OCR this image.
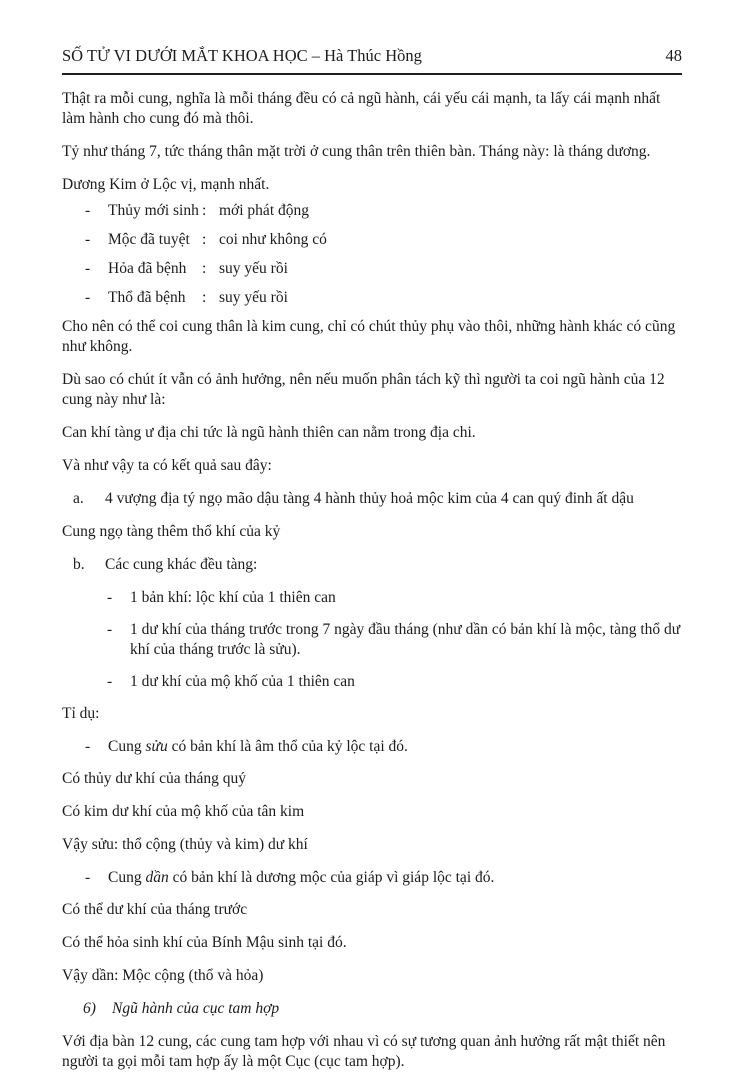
SỐ TỬ VI DƯỚI MẮT KHOA HỌC – Hà Thúc Hồng	48

Thật ra mỗi cung, nghĩa là mỗi tháng đều có cả ngũ hành, cái yếu cái mạnh, ta lấy cái mạnh nhất làm hành cho cung đó mà thôi.

Tỷ như tháng 7, tức tháng thân mặt trời ở cung thân trên thiên bàn. Tháng này: là tháng dương.

Dương Kim ở Lộc vị, mạnh nhất.

-	Thủy mới sinh : mới phát động
-	Mộc đã tuyệt : coi như không có
-	Hỏa đã bệnh	: suy yếu rồi
-	Thổ đã bệnh	: suy yếu rồi

Cho nên có thể coi cung thân là kim cung, chỉ có chút thủy phụ vào thôi, những hành khác có cũng như không.

Dù sao có chút ít vẫn có ảnh hưởng, nên nếu muốn phân tách kỹ thì người ta coi ngũ hành của 12 cung này như là:

Can khí tàng ư địa chi tức là ngũ hành thiên can nằm trong địa chi.

Và như vậy ta có kết quả sau đây:

a.	4 vượng địa tý ngọ mão dậu tàng 4 hành thủy hoả mộc kim của 4 can quý đinh ất dậu

Cung ngọ tàng thêm thổ khí của kỷ

b.	Các cung khác đều tàng:
-	1 bản khí: lộc khí của 1 thiên can
-	1 dư khí của tháng trước trong 7 ngày đầu tháng (như dần có bản khí là mộc, tàng thổ dư khí của tháng trước là sửu).
-	1 dư khí của mộ khố của 1 thiên can

Tỉ dụ:

-	Cung sửu có bản khí là âm thổ của kỷ lộc tại đó.

Có thủy dư khí của tháng quý

Có kim dư khí của mộ khố của tân kim

Vậy sửu: thổ cộng (thủy và kim) dư khí

-	Cung dần có bản khí là dương mộc của giáp vì giáp lộc tại đó.

Có thể dư khí của tháng trước

Có thể hỏa sinh khí của Bính Mậu sinh tại đó.

Vậy dần: Mộc cộng (thổ và hỏa)

6)	Ngũ hành của cục tam hợp

Với địa bàn 12 cung, các cung tam hợp với nhau vì có sự tương quan ảnh hưởng rất mật thiết nên người ta gọi mỗi tam hợp ấy là một Cục (cục tam hợp).
